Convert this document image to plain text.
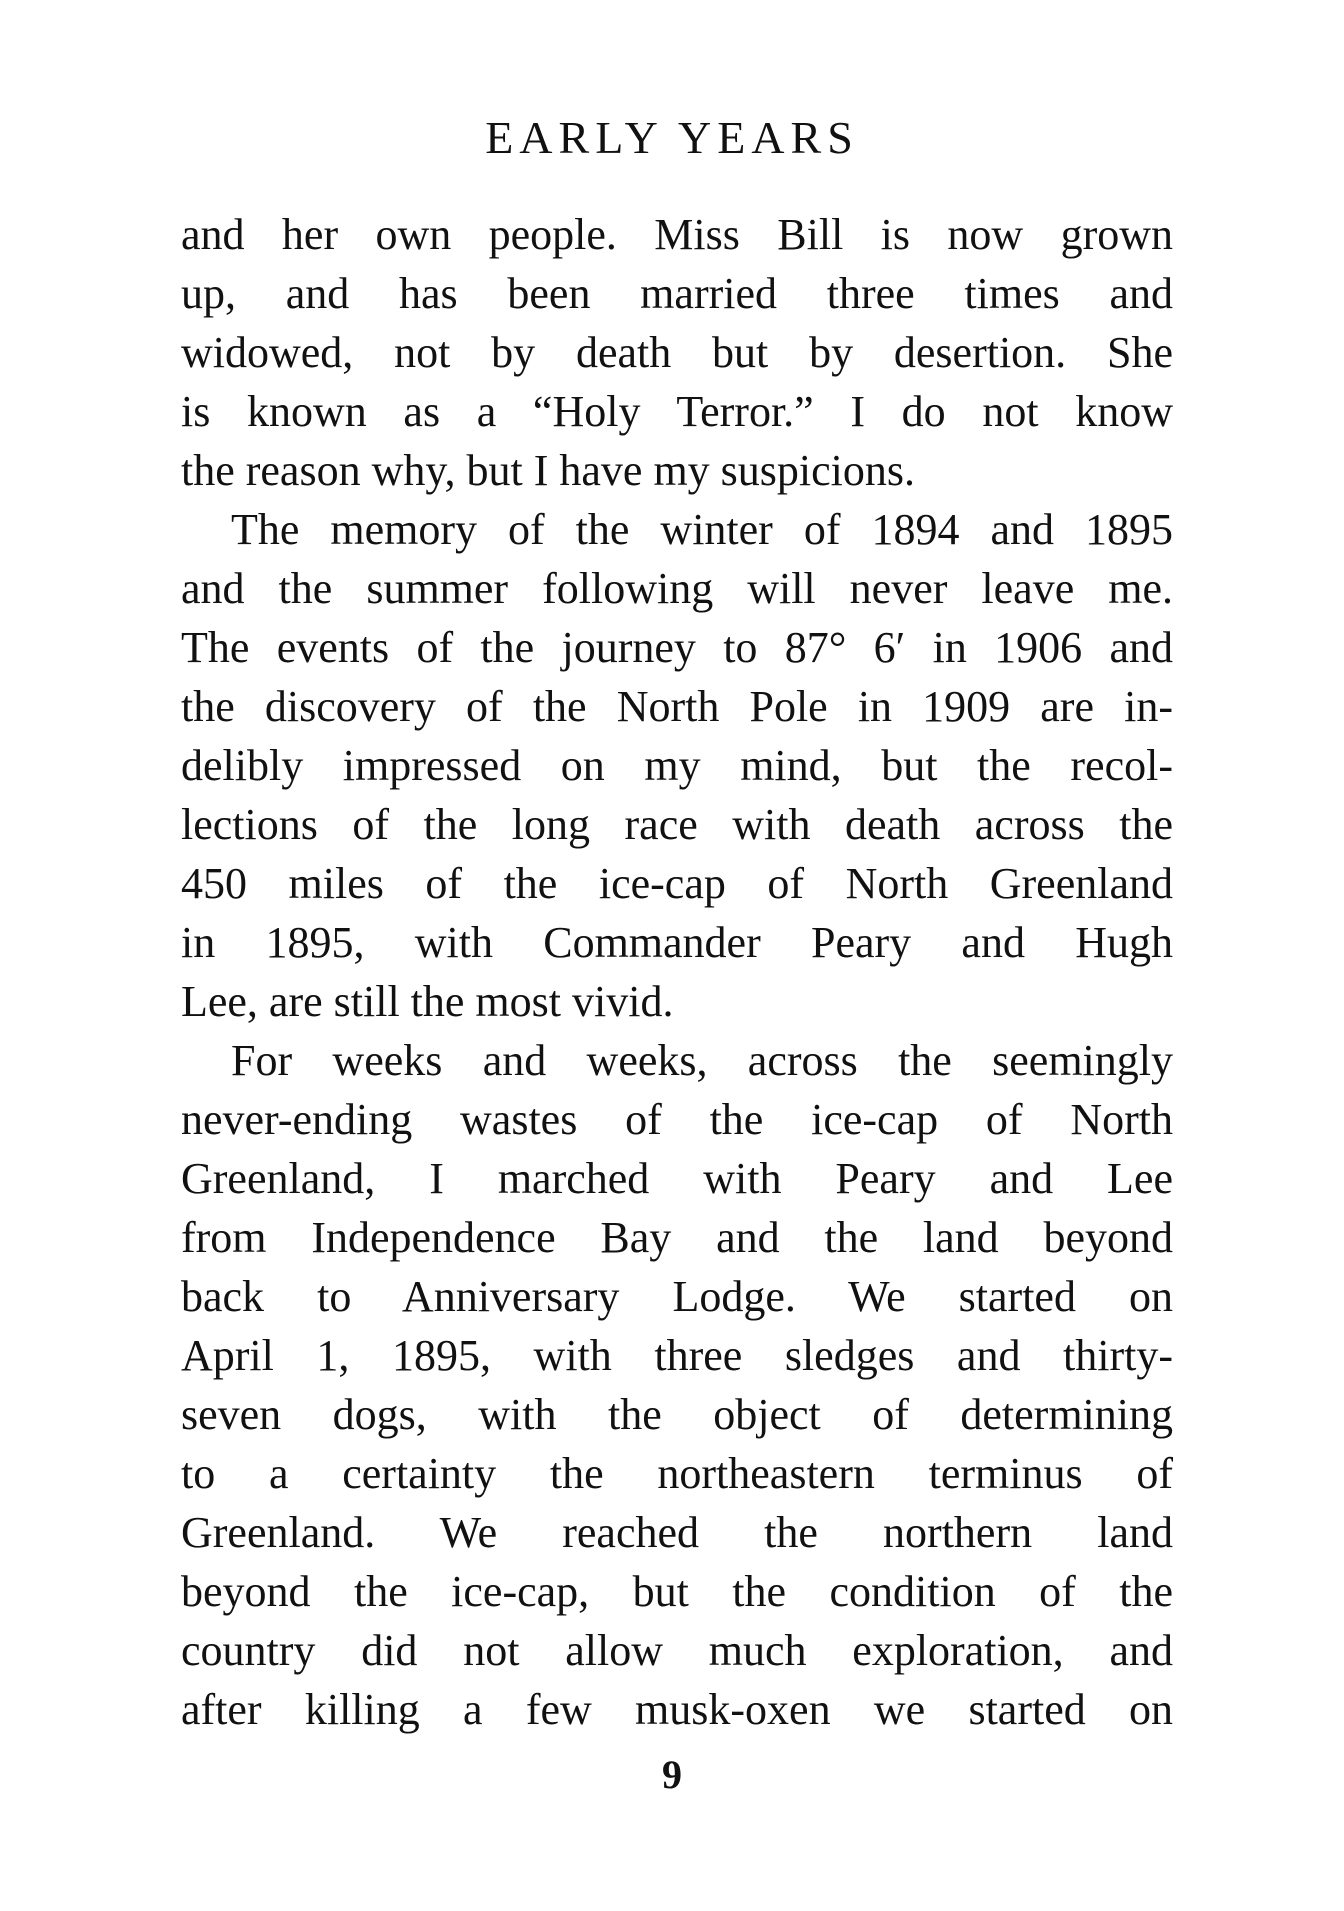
EARLY YEARS
and her own people. Miss Bill is now grown
up, and has been married three times and
widowed, not by death but by desertion. She
is known as a “Holy Terror.” I do not know
the reason why, but I have my suspicions.
The memory of the winter of 1894 and 1895
and the summer following will never leave me.
The events of the journey to 87° 6′ in 1906 and
the discovery of the North Pole in 1909 are in-
delibly impressed on my mind, but the recol-
lections of the long race with death across the
450 miles of the ice-cap of North Greenland
in 1895, with Commander Peary and Hugh
Lee, are still the most vivid.
For weeks and weeks, across the seemingly
never-ending wastes of the ice-cap of North
Greenland, I marched with Peary and Lee
from Independence Bay and the land beyond
back to Anniversary Lodge. We started on
April 1, 1895, with three sledges and thirty-
seven dogs, with the object of determining
to a certainty the northeastern terminus of
Greenland. We reached the northern land
beyond the ice-cap, but the condition of the
country did not allow much exploration, and
after killing a few musk-oxen we started on
9
